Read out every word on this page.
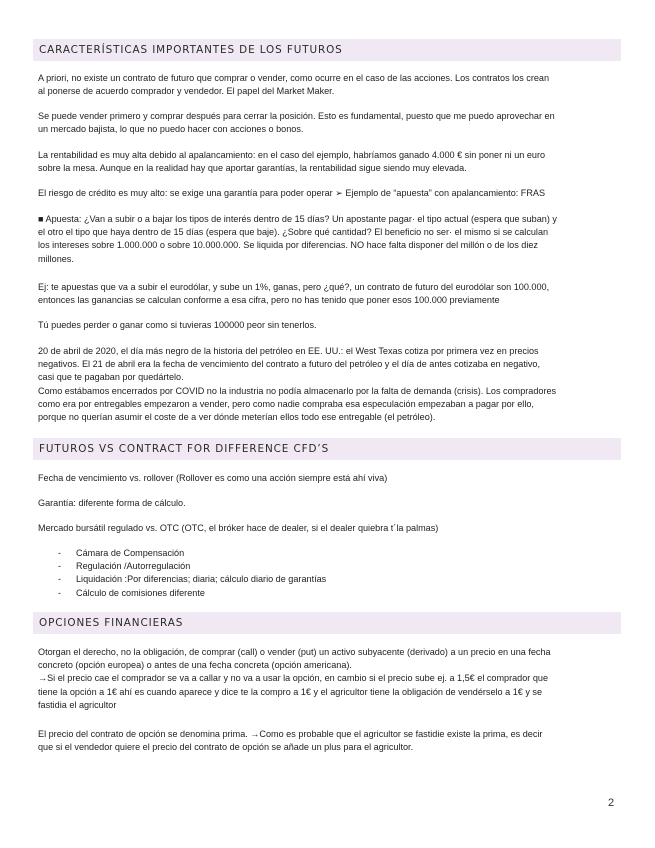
CARACTERÍSTICAS IMPORTANTES DE LOS FUTUROS
A priori, no existe un contrato de futuro que comprar o vender, como ocurre en el caso de las acciones. Los contratos los crean
al ponerse de acuerdo comprador y vendedor. El papel del Market Maker.
Se puede vender primero y comprar después para cerrar la posición. Esto es fundamental, puesto que me puedo aprovechar en
un mercado bajista, lo que no puedo hacer con acciones o bonos.
La rentabilidad es muy alta debido al apalancamiento: en el caso del ejemplo, habríamos ganado 4.000 € sin poner ni un euro
sobre la mesa. Aunque en la realidad hay que aportar garantías, la rentabilidad sigue siendo muy elevada.
El riesgo de crédito es muy alto: se exige una garantía para poder operar ➢ Ejemplo de “apuesta” con apalancamiento: FRAS
■ Apuesta: ¿Van a subir o a bajar los tipos de interés dentro de 15 días? Un apostante pagar· el tipo actual (espera que suban) y
el otro el tipo que haya dentro de 15 días (espera que baje). ¿Sobre qué cantidad? El beneficio no ser· el mismo si se calculan
los intereses sobre 1.000.000 o sobre 10.000.000. Se liquida por diferencias. NO hace falta disponer del millón o de los diez
millones.
Ej: te apuestas que va a subir el eurodólar, y sube un 1%, ganas, pero ¿qué?, un contrato de futuro del eurodólar son 100.000,
entonces las ganancias se calculan conforme a esa cifra, pero no has tenido que poner esos 100.000 previamente
Tú puedes perder o ganar como si tuvieras 100000 peor sin tenerlos.
20 de abril de 2020, el día más negro de la historia del petróleo en EE. UU.: el West Texas cotiza por primera vez en precios
negativos. El 21 de abril era la fecha de vencimiento del contrato a futuro del petróleo y el día de antes cotizaba en negativo,
casi que te pagaban por quedártelo.
Como estábamos encerrados por COVID no la industria no podía almacenarlo por la falta de demanda (crisis). Los compradores
como era por entregables empezaron a vender, pero como nadie compraba esa especulación empezaban a pagar por ello,
porque no querían asumir el coste de a ver dónde meterían ellos todo ese entregable (el petróleo).
FUTUROS VS CONTRACT FOR DIFFERENCE CFD’S
Fecha de vencimiento vs. rollover (Rollover es como una acción siempre está ahí viva)
Garantía: diferente forma de cálculo.
Mercado bursátil regulado vs. OTC (OTC, el bróker hace de dealer, si el dealer quiebra t´la palmas)
- Cámara de Compensación
- Regulación /Autorregulación
- Liquidación :Por diferencias; diaria; cálculo diario de garantías
- Cálculo de comisiones diferente
OPCIONES FINANCIERAS
Otorgan el derecho, no la obligación, de comprar (call) o vender (put) un activo subyacente (derivado) a un precio en una fecha
concreto (opción europea) o antes de una fecha concreta (opción americana).
→Si el precio cae el comprador se va a callar y no va a usar la opción, en cambio si el precio sube ej. a 1,5€ el comprador que
tiene la opción a 1€ ahí es cuando aparece y dice te la compro a 1€ y el agricultor tiene la obligación de vendérselo a 1€ y se
fastidia el agricultor
El precio del contrato de opción se denomina prima. →Como es probable que el agricultor se fastidie existe la prima, es decir
que si el vendedor quiere el precio del contrato de opción se añade un plus para el agricultor.
2
